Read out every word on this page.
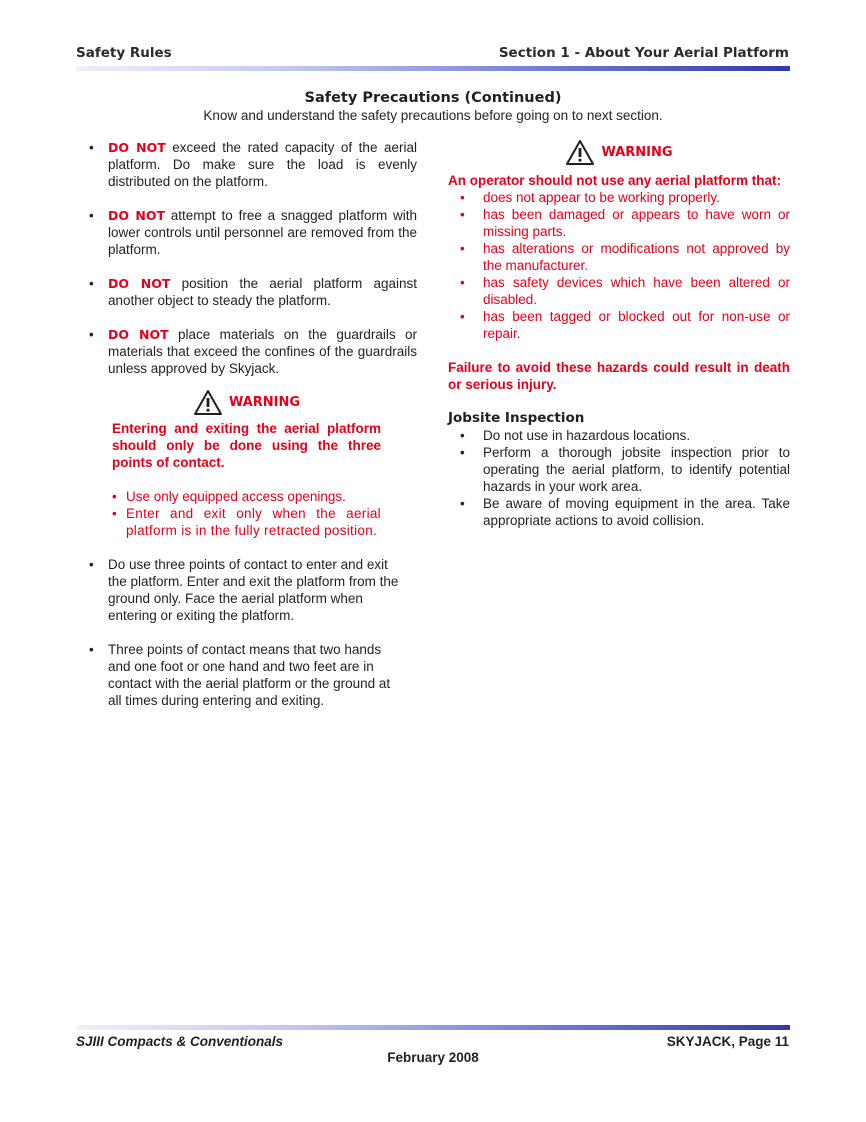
Safety Rules	Section 1 - About Your Aerial Platform
Safety Precautions (Continued)
Know and understand the safety precautions before going on to next section.

• DO NOT exceed the rated capacity of the aerial platform. Do make sure the load is evenly distributed on the platform.

• DO NOT attempt to free a snagged platform with lower controls until personnel are removed from the platform.

• DO NOT position the aerial platform against another object to steady the platform.

• DO NOT place materials on the guardrails or materials that exceed the confines of the guardrails unless approved by Skyjack.

WARNING
Entering and exiting the aerial platform should only be done using the three points of contact.
• Use only equipped access openings.
• Enter and exit only when the aerial platform is in the fully retracted position.

• Do use three points of contact to enter and exit the platform. Enter and exit the platform from the ground only. Face the aerial platform when entering or exiting the platform.

• Three points of contact means that two hands and one foot or one hand and two feet are in contact with the aerial platform or the ground at all times during entering and exiting.

WARNING
An operator should not use any aerial platform that:
• does not appear to be working properly.
• has been damaged or appears to have worn or missing parts.
• has alterations or modifications not approved by the manufacturer.
• has safety devices which have been altered or disabled.
• has been tagged or blocked out for non-use or repair.
Failure to avoid these hazards could result in death or serious injury.
Jobsite Inspection
• Do not use in hazardous locations.
• Perform a thorough jobsite inspection prior to operating the aerial platform, to identify potential hazards in your work area.
• Be aware of moving equipment in the area. Take appropriate actions to avoid collision.
SJIII Compacts & Conventionals	SKYJACK, Page 11
February 2008
